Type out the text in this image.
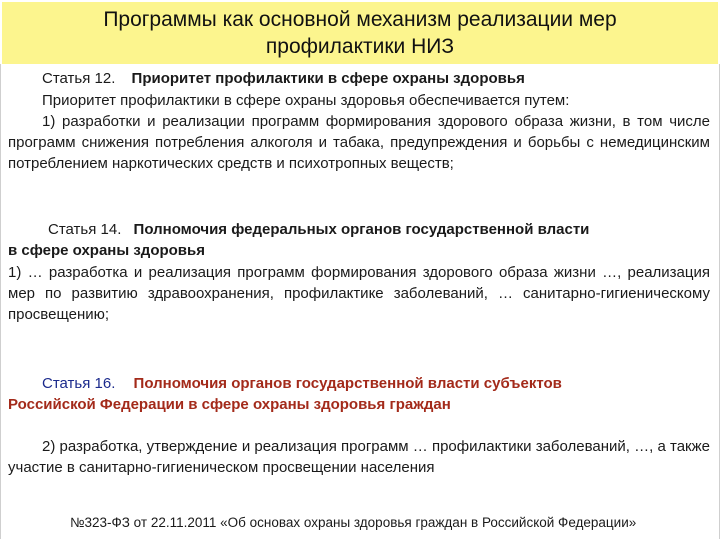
Программы как основной механизм реализации мер
профилактики НИЗ
Статья 12. Приоритет профилактики в сфере охраны здоровья
Приоритет профилактики в сфере охраны здоровья обеспечивается путем:
1) разработки и реализации программ формирования здорового образа жизни, в том числе программ снижения потребления алкоголя и табака, предупреждения и борьбы с немедицинским потреблением наркотических средств и психотропных веществ;
Статья 14. Полномочия федеральных органов государственной власти
в сфере охраны здоровья
1) … разработка и реализация программ формирования здорового образа жизни …, реализация мер по развитию здравоохранения, профилактике заболеваний, … санитарно-гигиеническому просвещению;
Статья 16. Полномочия органов государственной власти субъектов
Российской Федерации в сфере охраны здоровья граждан
2) разработка, утверждение и реализация программ … профилактики заболеваний, …, а также участие в санитарно-гигиеническом просвещении населения
№323-ФЗ от 22.11.2011 «Об основах охраны здоровья граждан в Российской Федерации»
